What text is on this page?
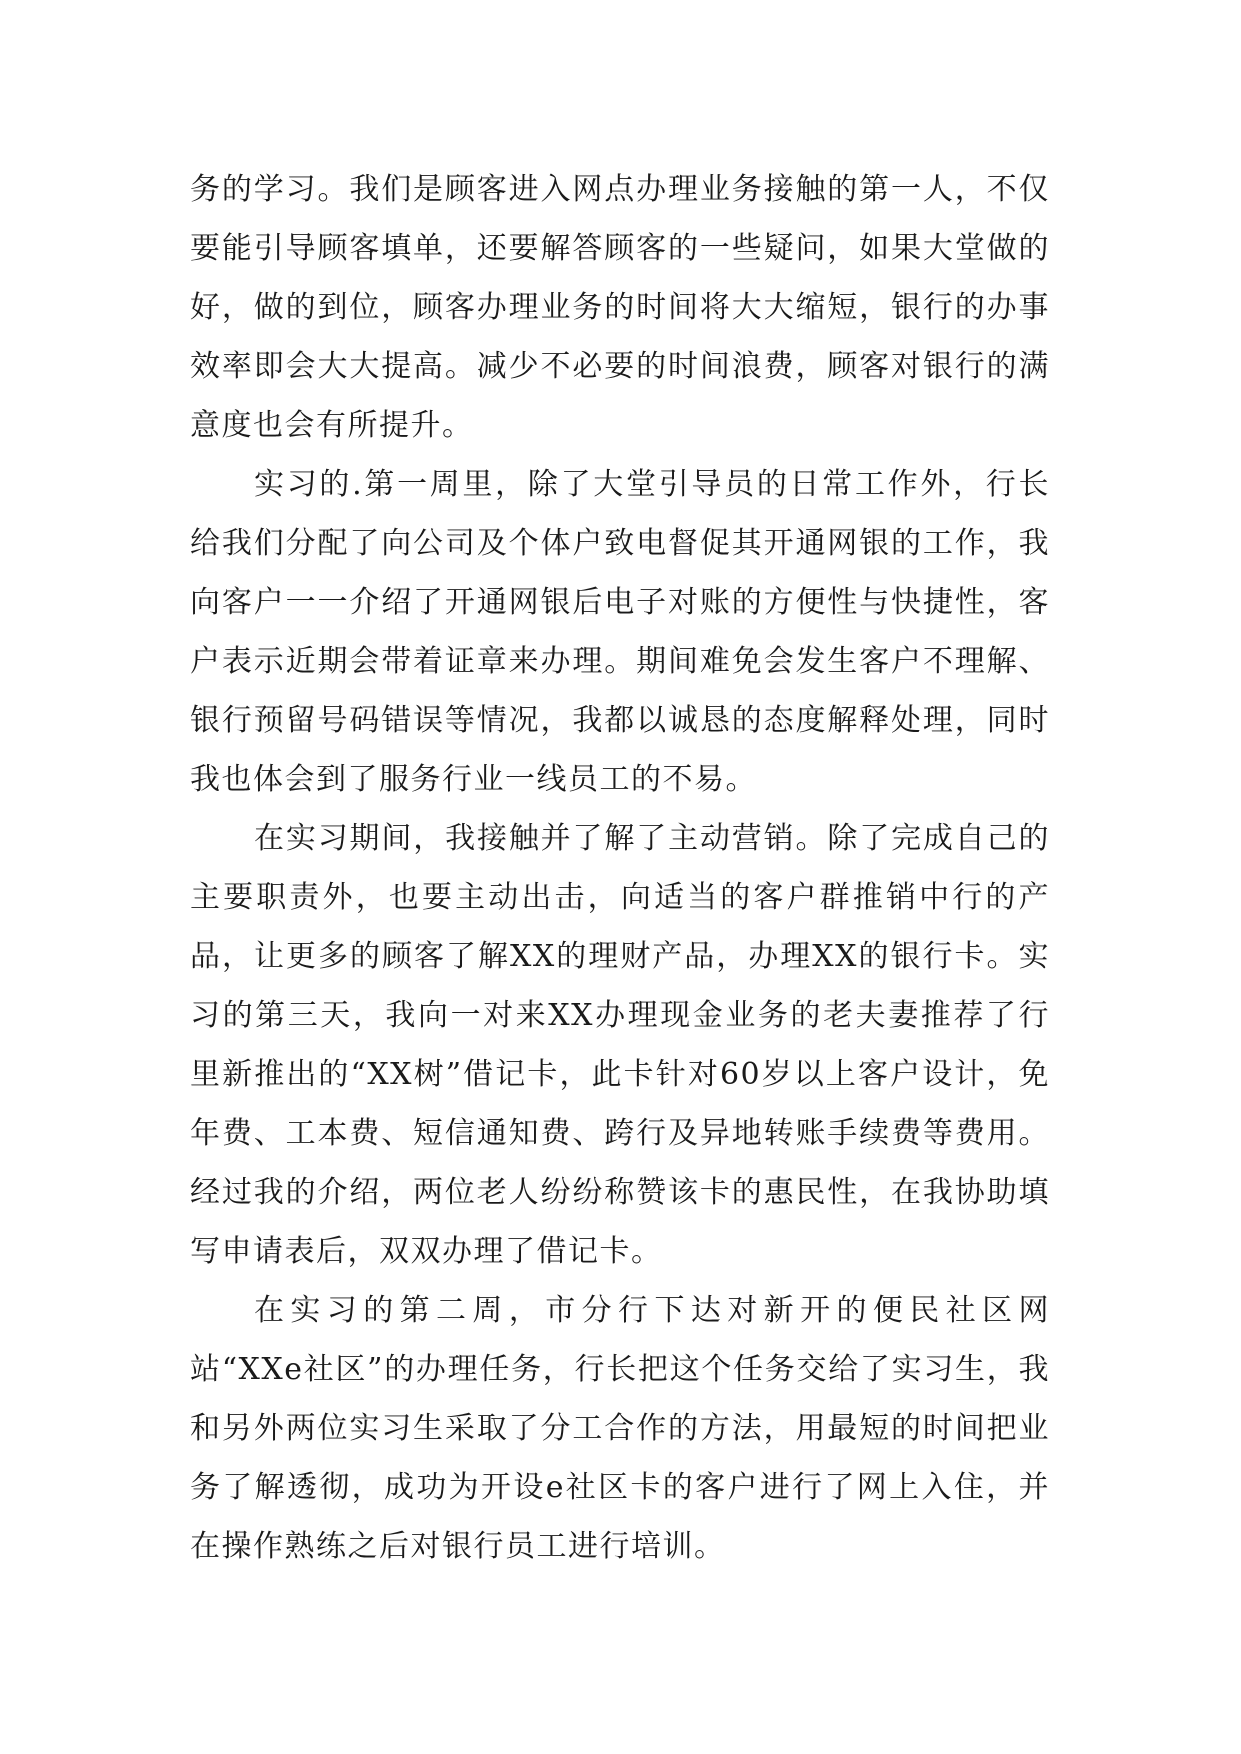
务的学习。我们是顾客进入网点办理业务接触的第一人，不仅要能引导顾客填单，还要解答顾客的一些疑问，如果大堂做的好，做的到位，顾客办理业务的时间将大大缩短，银行的办事效率即会大大提高。减少不必要的时间浪费，顾客对银行的满意度也会有所提升。

实习的.第一周里，除了大堂引导员的日常工作外，行长给我们分配了向公司及个体户致电督促其开通网银的工作，我向客户一一介绍了开通网银后电子对账的方便性与快捷性，客户表示近期会带着证章来办理。期间难免会发生客户不理解、银行预留号码错误等情况，我都以诚恳的态度解释处理，同时我也体会到了服务行业一线员工的不易。

在实习期间，我接触并了解了主动营销。除了完成自己的主要职责外，也要主动出击，向适当的客户群推销中行的产品，让更多的顾客了解XX的理财产品，办理XX的银行卡。实习的第三天，我向一对来XX办理现金业务的老夫妻推荐了行里新推出的“XX树”借记卡，此卡针对60岁以上客户设计，免年费、工本费、短信通知费、跨行及异地转账手续费等费用。经过我的介绍，两位老人纷纷称赞该卡的惠民性，在我协助填写申请表后，双双办理了借记卡。

在实习的第二周，市分行下达对新开的便民社区网站“XXe社区”的办理任务，行长把这个任务交给了实习生，我和另外两位实习生采取了分工合作的方法，用最短的时间把业务了解透彻，成功为开设e社区卡的客户进行了网上入住，并在操作熟练之后对银行员工进行培训。
